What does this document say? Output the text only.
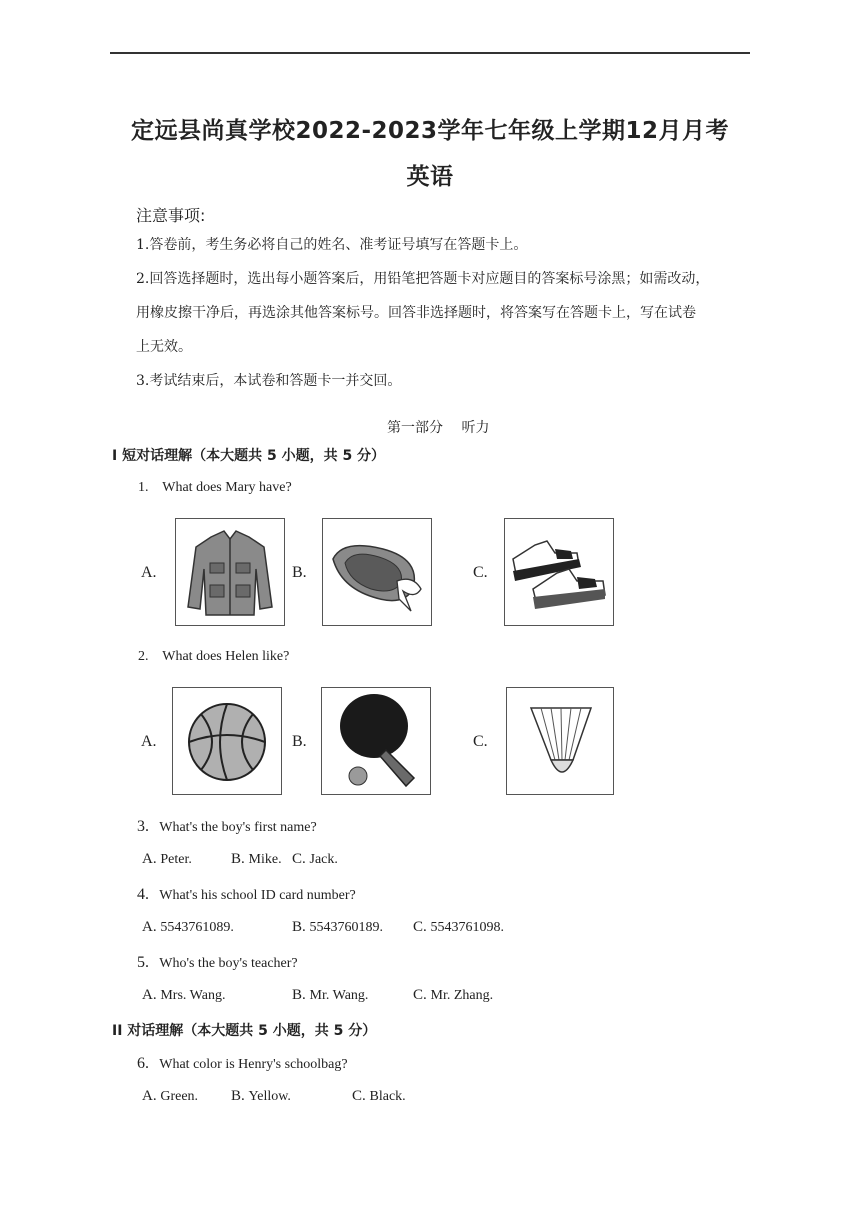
定远县尚真学校2022-2023学年七年级上学期12月月考
英语
注意事项:
1.答卷前，考生务必将自己的姓名、准考证号填写在答题卡上。
2.回答选择题时，选出每小题答案后，用铅笔把答题卡对应题目的答案标号涂黑；如需改动，
用橡皮擦干净后，再选涂其他答案标号。回答非选择题时，将答案写在答题卡上，写在试卷
上无效。
3.考试结束后，本试卷和答题卡一并交回。
第一部分　 听力
I 短对话理解（本大题共 5 小题，共 5 分）
1. What does Mary have?
A.	B.	C.
2. What does Helen like?
A.	B.	C.
3. What's the boy's first name?
A. Peter.	B. Mike. C. Jack.
4. What's his school ID card number?
A. 5543761089.	B. 5543760189. C. 5543761098.
5. Who's the boy's teacher?
A. Mrs. Wang.	B. Mr. Wang.	C. Mr. Zhang.
II 对话理解（本大题共 5 小题，共 5 分）
6. What color is Henry's schoolbag?
A. Green. B. Yellow.	C. Black.
